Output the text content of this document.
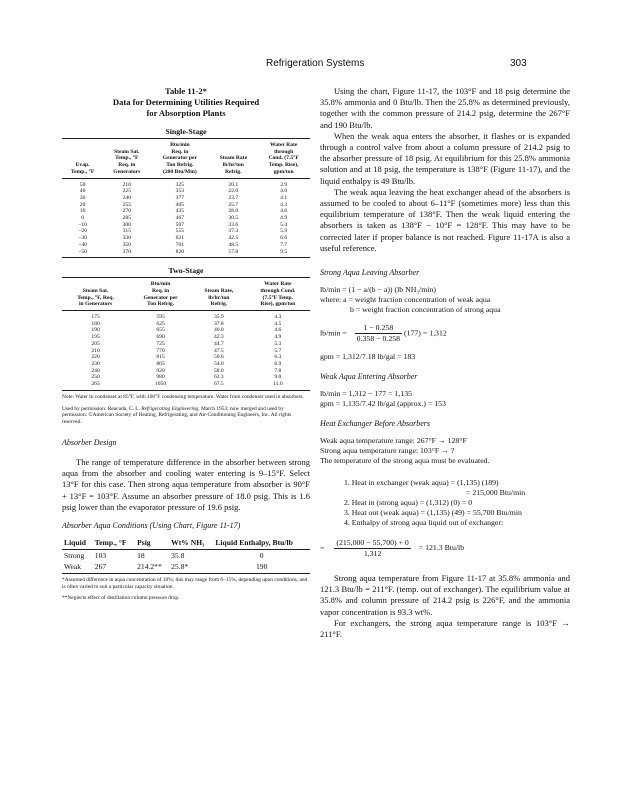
Refrigeration Systems	303
Table 11-2*
Data for Determining Utilities Required
for Absorption Plants
Single-Stage
Evap.
Temp., °F	Steam Sat.
Temp., °F
Req. in
Generators	Btu/min
Req. in
Generator per
Ton Refrig.
(200 Btu/Min)	Steam Rate
lb/hr/ton
Refrig.	Water Rate
through
Cond. (7.5°F
Temp. Rise),
gpm/ton
50	210	325	20.1	3.9
40	225	353	22.0	4.0
30	240	377	23.7	4.1
20	255	405	25.7	4.3
10	270	435	28.0	4.6
0	285	467	30.5	4.9
−10	300	507	33.6	5.4
−20	315	555	37.3	5.9
−30	330	621	42.5	6.6
−40	350	701	48.5	7.7
−50	370	820	57.8	9.5
Two-Stage
Steam Sat.
Temp., °F, Req.
in Generators	Btu/min
Req. in
Generator per
Ton Refrig.	Steam Rate,
lb/hr/ton
Refrig.	Water Rate
through Cond.
(7.5°F Temp.
Rise), gpm/ton
175	595	35.9	4.3
180	625	37.8	4.5
190	655	40.0	4.6
195	690	42.3	4.9
205	725	44.7	5.3
210	770	47.5	5.7
220	815	50.6	6.3
230	865	54.0	6.9
240	920	58.0	7.8
250	980	62.3	9.0
265	1050	67.5	11.0
Note: Water to condenser at 85°F, with 100°F condensing temperature. Water from condenser used in absorbers.
Used by permission: Reacuda, C. L. Refrigerating Engineering, March 1953; now merged and used by permission: ©American Society of Heating, Refrigerating, and Air-Conditioning Engineers, Inc. All rights reserved.
Absorber Design

The range of temperature difference in the absorber between strong aqua from the absorber and cooling water entering is 9–15°F. Select 13°F for this case. Then strong aqua temperature from absorber is 90°F + 13°F = 103°F. Assume an absorber pressure of 18.0 psig. This is 1.6 psig lower than the evaporator pressure of 19.6 psig.

Absorber Aqua Conditions (Using Chart, Figure 11-17)
Liquid	Temp., °F	Psig	Wt% NH₃	Liquid Enthalpy, Btu/lb
Strong	103	18	35.8	0
Weak	267	214.2**	25.8*	190
*Assumed difference in aqua concentration of 10%; this may range from 6–15%, depending upon conditions, and is often varied to suit a particular capacity situation.
**Neglects effect of distillation column pressure drop.

Using the chart, Figure 11-17, the 103°F and 18 psig determine the 35.8% ammonia and 0 Btu/lb. Then the 25.8% as determined previously, together with the common pressure of 214.2 psig, determine the 267°F and 190 Btu/lb.

When the weak aqua enters the absorber, it flashes or is expanded through a control valve from about a column pressure of 214.2 psig to the absorber pressure of 18 psig. At equilibrium for this 25.8% ammonia solution and at 18 psig, the temperature is 138°F (Figure 11-17), and the liquid enthalpy is 49 Btu/lb.

The weak aqua leaving the heat exchanger ahead of the absorbers is assumed to be cooled to about 6–11°F (sometimes more) less than this equilibrium temperature of 138°F. Then the weak liquid entering the absorbers is taken as 138°F − 10°F = 128°F. This may have to be corrected later if proper balance is not reached. Figure 11-17A is also a useful reference.

Strong Aqua Leaving Absorber
lb/min = (1 − a/(b − a)) (lb NH₃/min)
where: a = weight fraction concentration of weak aqua
b = weight fraction concentration of strong aqua
$lb/\min = \frac{1 - 0.258}{0.358 - 0.258} (177) = 1,312$
gpm = 1,312/7.18 lb/gal = 183
Weak Aqua Entering Absorber
lb/min = 1,312 − 177 = 1,135
gpm = 1,135/7.42 lb/gal (approx.) = 153
Heat Exchanger Before Absorbers
Weak aqua temperature range: 267°F → 128°F
Strong aqua temperature range: 103°F → ?
The temperature of the strong aqua must be evaluated.
1. Heat in exchanger (weak aqua) = (1,135) (189)
= 215,000 Btu/min
2. Heat in (strong aqua) = (1,312) (0) = 0
3. Heat out (weak aqua) = (1,135) (49) = 55,700 Btu/min
4. Enthalpy of strong aqua liquid out of exchanger:
= $\frac{(215,000 - 55,700) + 0}{1,312} = 121.3$ Btu/lb

Strong aqua temperature from Figure 11-17 at 35.8% ammonia and 121.3 Btu/lb = 211°F. (temp. out of exchanger). The equilibrium value at 35.8% and column pressure of 214.2 psig is 226°F, and the ammonia vapor concentration is 93.3 wt%.

For exchangers, the strong aqua temperature range is 103°F → 211°F.
